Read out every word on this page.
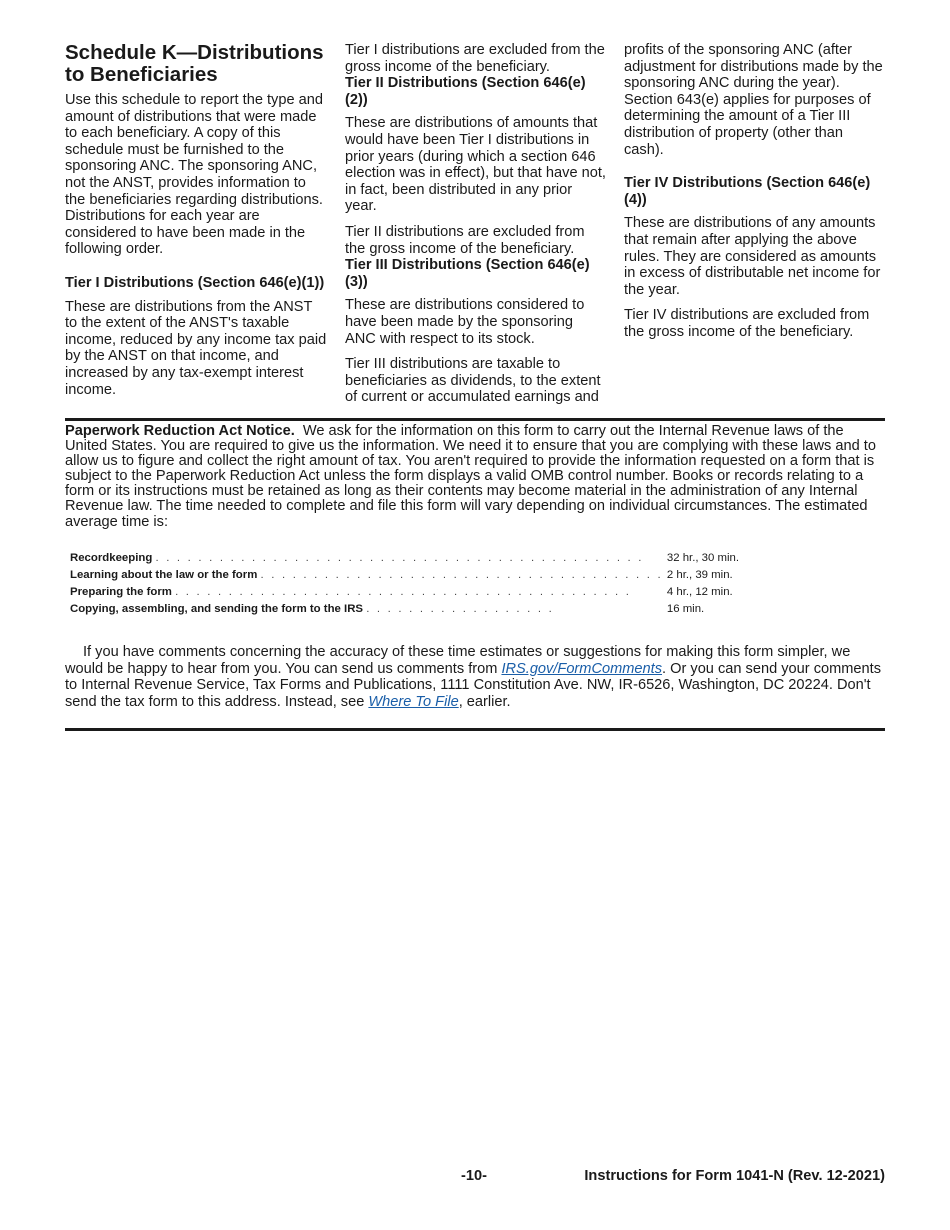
Schedule K—Distributions to Beneficiaries

Use this schedule to report the type and amount of distributions that were made to each beneficiary. A copy of this schedule must be furnished to the sponsoring ANC. The sponsoring ANC, not the ANST, provides information to the beneficiaries regarding distributions. Distributions for each year are considered to have been made in the following order.

Tier I Distributions (Section 646(e)(1))

These are distributions from the ANST to the extent of the ANST's taxable income, reduced by any income tax paid by the ANST on that income, and increased by any tax-exempt interest income.

Tier I distributions are excluded from the gross income of the beneficiary.

Tier II Distributions (Section 646(e)(2))

These are distributions of amounts that would have been Tier I distributions in prior years (during which a section 646 election was in effect), but that have not, in fact, been distributed in any prior year.

Tier II distributions are excluded from the gross income of the beneficiary.

Tier III Distributions (Section 646(e)(3))

These are distributions considered to have been made by the sponsoring ANC with respect to its stock.

Tier III distributions are taxable to beneficiaries as dividends, to the extent of current or accumulated earnings and

profits of the sponsoring ANC (after adjustment for distributions made by the sponsoring ANC during the year). Section 643(e) applies for purposes of determining the amount of a Tier III distribution of property (other than cash).

Tier IV Distributions (Section 646(e)(4))

These are distributions of any amounts that remain after applying the above rules. They are considered as amounts in excess of distributable net income for the year.

Tier IV distributions are excluded from the gross income of the beneficiary.

Paperwork Reduction Act Notice. We ask for the information on this form to carry out the Internal Revenue laws of the United States. You are required to give us the information. We need it to ensure that you are complying with these laws and to allow us to figure and collect the right amount of tax. You aren't required to provide the information requested on a form that is subject to the Paperwork Reduction Act unless the form displays a valid OMB control number. Books or records relating to a form or its instructions must be retained as long as their contents may become material in the administration of any Internal Revenue law. The time needed to complete and file this form will vary depending on individual circumstances. The estimated average time is:
Recordkeeping . . . . . . . . . . . . . . . . . . . . . . . . . . . . . . . . . . . . . . . . . . . . . .	32 hr., 30 min.
Learning about the law or the form . . . . . . . . . . . . . . . . . . . . . . . . . . . . . . . . . . . . . .	2 hr., 39 min.
Preparing the form . . . . . . . . . . . . . . . . . . . . . . . . . . . . . . . . . . . . . . . . . . .	4 hr., 12 min.
Copying, assembling, and sending the form to the IRS . . . . . . . . . . . . . . . . . .	16 min.
If you have comments concerning the accuracy of these time estimates or suggestions for making this form simpler, we would be happy to hear from you. You can send us comments from IRS.gov/FormComments. Or you can send your comments to Internal Revenue Service, Tax Forms and Publications, 1111 Constitution Ave. NW, IR-6526, Washington, DC 20224. Don't send the tax form to this address. Instead, see Where To File, earlier.
-10-	Instructions for Form 1041-N (Rev. 12-2021)
